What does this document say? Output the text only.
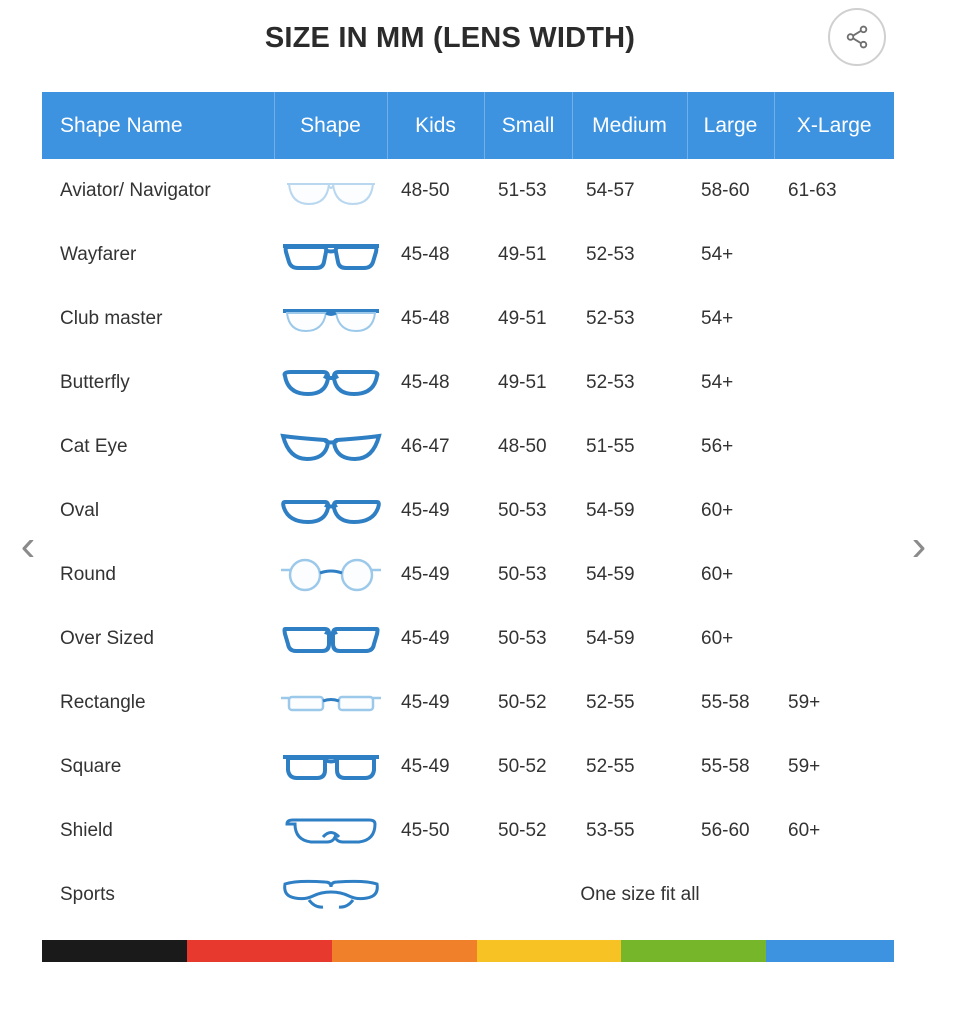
SIZE IN MM (LENS WIDTH)
Shape Name	Shape	Kids	Small	Medium	Large	X-Large
Aviator/ Navigator		48-50	51-53	54-57	58-60	61-63
Wayfarer		45-48	49-51	52-53	54+	
Club master		45-48	49-51	52-53	54+	
Butterfly		45-48	49-51	52-53	54+	
Cat Eye		46-47	48-50	51-55	56+	
Oval		45-49	50-53	54-59	60+	
Round		45-49	50-53	54-59	60+	
Over Sized		45-49	50-53	54-59	60+	
Rectangle		45-49	50-52	52-55	55-58	59+
Square		45-49	50-52	52-55	55-58	59+
Shield		45-50	50-52	53-55	56-60	60+
Sports		One size fit all				
‹	›
